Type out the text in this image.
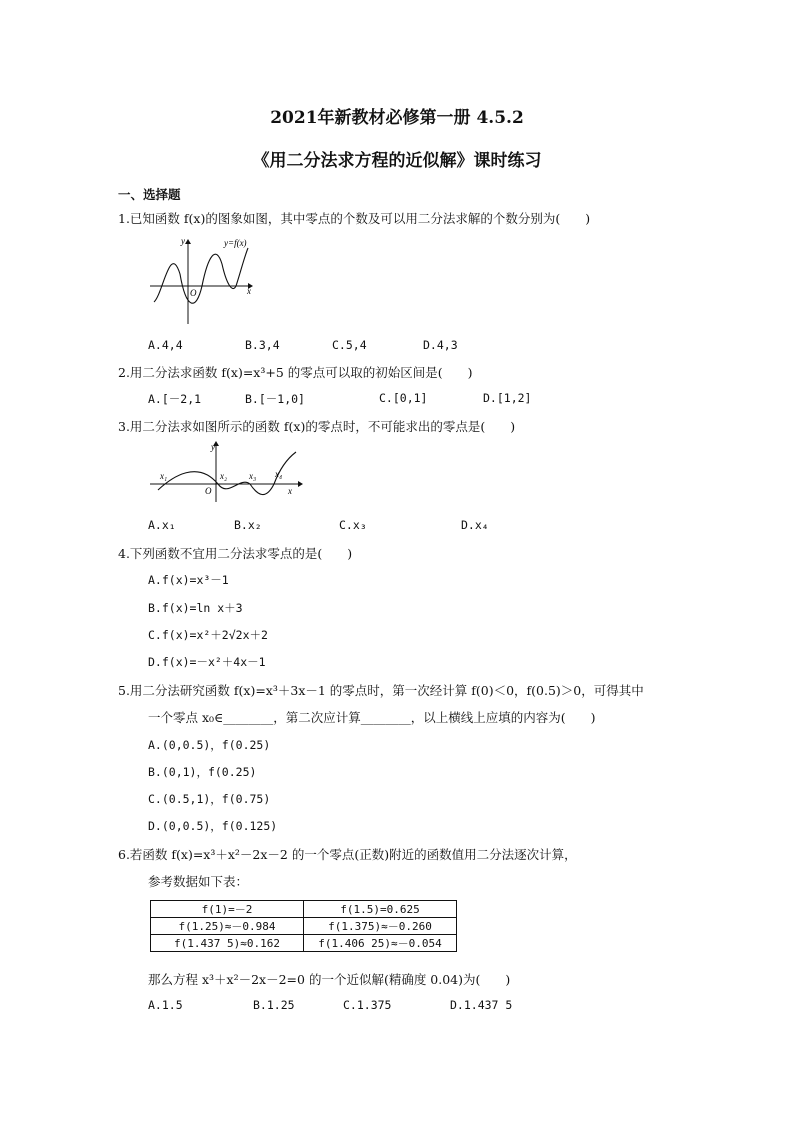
2021年新教材必修第一册 4.5.2
《用二分法求方程的近似解》课时练习
一、选择题
1.已知函数 f(x)的图象如图，其中零点的个数及可以用二分法求解的个数分别为(　　)
y
x
O
y=f(x)
A.4,4	B.3,4	C.5,4	D.4,3
2.用二分法求函数 f(x)=x³+5 的零点可以取的初始区间是(　　)
A.[－2,1	B.[－1,0]	C.[0,1]	D.[1,2]
3.用二分法求如图所示的函数 f(x)的零点时，不可能求出的零点是(　　)
y
x
O
x₁	x₂ x₃ x₄
A.x₁	B.x₂	C.x₃	D.x₄
4.下列函数不宜用二分法求零点的是(　　)
A.f(x)=x³－1
B.f(x)=ln x＋3
C.f(x)=x²＋2√2x＋2
D.f(x)=－x²＋4x－1
5.用二分法研究函数 f(x)=x³＋3x－1 的零点时，第一次经计算 f(0)＜0，f(0.5)＞0，可得其中
一个零点 x₀∈________，第二次应计算________，以上横线上应填的内容为(　　)
A.(0,0.5)，f(0.25)
B.(0,1)，f(0.25)
C.(0.5,1)，f(0.75)
D.(0,0.5)，f(0.125)
6.若函数 f(x)=x³＋x²－2x－2 的一个零点(正数)附近的函数值用二分法逐次计算，
参考数据如下表：
f(1)=－2	f(1.5)=0.625
f(1.25)≈－0.984	f(1.375)≈－0.260
f(1.437 5)≈0.162	f(1.406 25)≈－0.054
那么方程 x³＋x²－2x－2=0 的一个近似解(精确度 0.04)为(　　)
A.1.5	B.1.25	C.1.375	D.1.437 5
